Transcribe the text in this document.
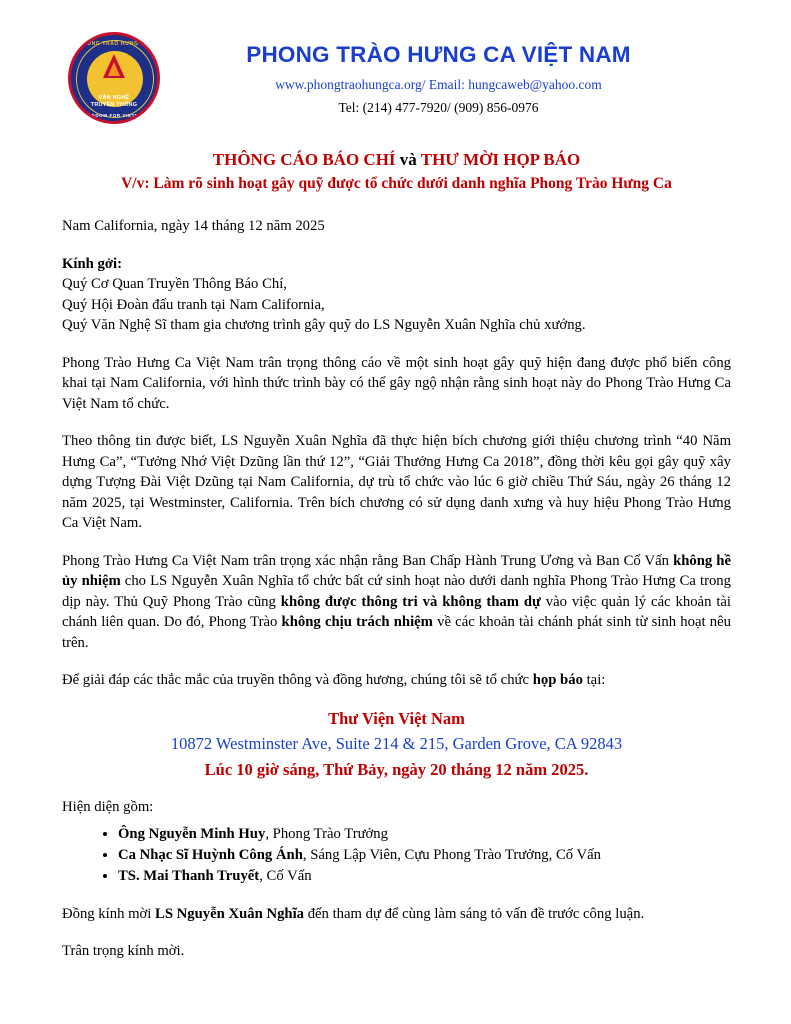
PHONG TRÀO HƯNG CA
VĂN NGHỆ
TRUYỀN THỐNG
FREEDOM FOR VIETNAM
PHONG TRÀO HƯNG CA VIỆT NAM
www.phongtraohungca.org/ Email: hungcaweb@yahoo.com
Tel: (214) 477-7920/ (909) 856-0976
THÔNG CÁO BÁO CHÍ và THƯ MỜI HỌP BÁO
V/v: Làm rõ sinh hoạt gây quỹ được tổ chức dưới danh nghĩa Phong Trào Hưng Ca

Nam California, ngày 14 tháng 12 năm 2025

Kính gởi:

Quý Cơ Quan Truyền Thông Báo Chí,

Quý Hội Đoàn đấu tranh tại Nam California,

Quý Văn Nghệ Sĩ tham gia chương trình gây quỹ do LS Nguyễn Xuân Nghĩa chủ xướng.

Phong Trào Hưng Ca Việt Nam trân trọng thông cáo về một sinh hoạt gây quỹ hiện đang được phổ biến công khai tại Nam California, với hình thức trình bày có thể gây ngộ nhận rằng sinh hoạt này do Phong Trào Hưng Ca Việt Nam tổ chức.

Theo thông tin được biết, LS Nguyễn Xuân Nghĩa đã thực hiện bích chương giới thiệu chương trình “40 Năm Hưng Ca”, “Tưởng Nhớ Việt Dzũng lần thứ 12”, “Giải Thưởng Hưng Ca 2018”, đồng thời kêu gọi gây quỹ xây dựng Tượng Đài Việt Dzũng tại Nam California, dự trù tổ chức vào lúc 6 giờ chiều Thứ Sáu, ngày 26 tháng 12 năm 2025, tại Westminster, California. Trên bích chương có sử dụng danh xưng và huy hiệu Phong Trào Hưng Ca Việt Nam.

Phong Trào Hưng Ca Việt Nam trân trọng xác nhận rằng Ban Chấp Hành Trung Ương và Ban Cố Vấn không hề ủy nhiệm cho LS Nguyễn Xuân Nghĩa tổ chức bất cứ sinh hoạt nào dưới danh nghĩa Phong Trào Hưng Ca trong dịp này. Thủ Quỹ Phong Trào cũng không được thông tri và không tham dự vào việc quản lý các khoản tài chánh liên quan. Do đó, Phong Trào không chịu trách nhiệm về các khoản tài chánh phát sinh từ sinh hoạt nêu trên.

Để giải đáp các thắc mắc của truyền thông và đồng hương, chúng tôi sẽ tổ chức họp báo tại:

Thư Viện Việt Nam
10872 Westminster Ave, Suite 214 & 215, Garden Grove, CA 92843
Lúc 10 giờ sáng, Thứ Bảy, ngày 20 tháng 12 năm 2025.

Hiện diện gồm:

• Ông Nguyễn Minh Huy, Phong Trào Trưởng
• Ca Nhạc Sĩ Huỳnh Công Ánh, Sáng Lập Viên, Cựu Phong Trào Trưởng, Cố Vấn
• TS. Mai Thanh Truyết, Cố Vấn

Đồng kính mời LS Nguyễn Xuân Nghĩa đến tham dự để cùng làm sáng tỏ vấn đề trước công luận.

Trân trọng kính mời.
